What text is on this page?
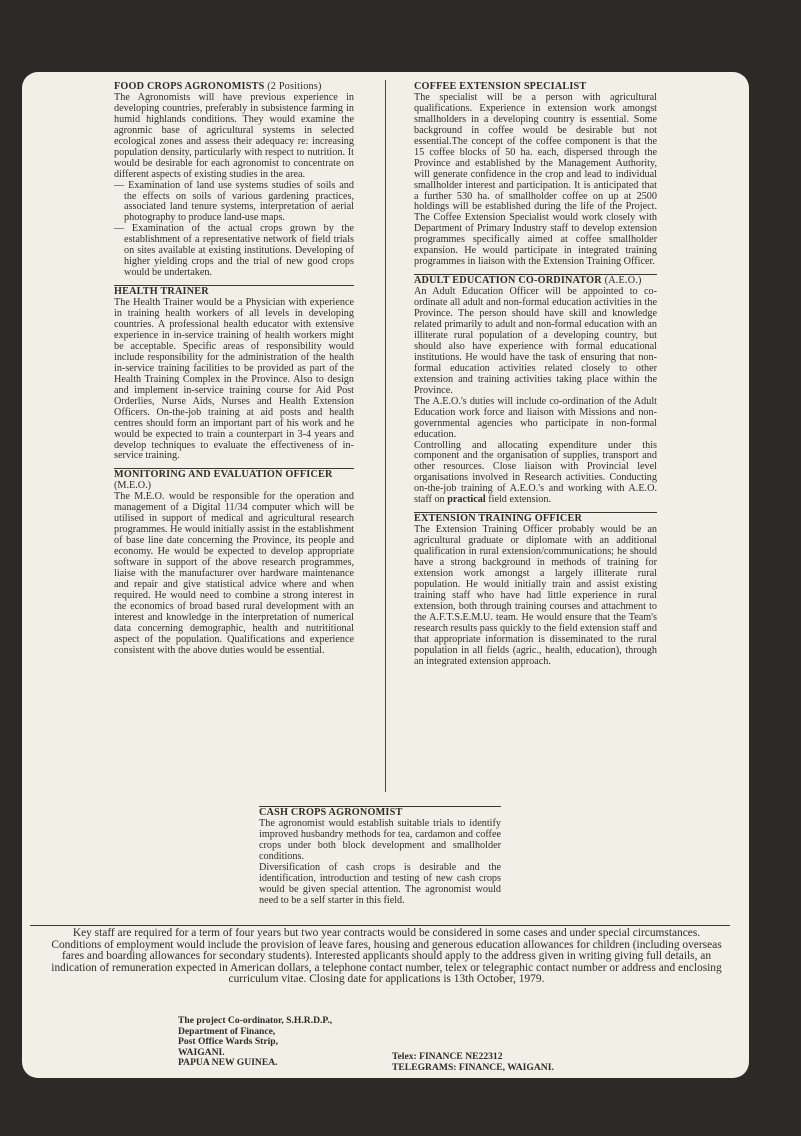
FOOD CROPS AGRONOMISTS (2 Positions)

The Agronomists will have previous experience in developing countries, preferably in subsistence farming in humid highlands conditions. They would examine the agronmic base of agricultural systems in selected ecological zones and assess their adequacy re: increasing population density, particularly with respect to nutrition. It would be desirable for each agronomist to concentrate on different aspects of existing studies in the area.

— Examination of land use systems studies of soils and the effects on soils of various gardening practices, associated land tenure systems, interpretation of aerial photography to produce land-use maps.

— Examination of the actual crops grown by the establishment of a representative network of field trials on sites available at existing institutions. Developing of higher yielding crops and the trial of new good crops would be undertaken.

HEALTH TRAINER

The Health Trainer would be a Physician with experience in training health workers of all levels in developing countries. A professional health educator with extensive experience in in-service training of health workers might be acceptable. Specific areas of responsibility would include responsibility for the administration of the health in-service training facilities to be provided as part of the Health Training Complex in the Province. Also to design and implement in-service training course for Aid Post Orderlies, Nurse Aids, Nurses and Health Extension Officers. On-the-job training at aid posts and health centres should form an important part of his work and he would be expected to train a counterpart in 3-4 years and develop techniques to evaluate the effectiveness of in-service training.

MONITORING AND EVALUATION OFFICER

(M.E.O.)

The M.E.O. would be responsible for the operation and management of a Digital 11/34 computer which will be utilised in support of medical and agricultural research programmes. He would initially assist in the establishment of base line date concerning the Province, its people and economy. He would be expected to develop appropriate software in support of the above research programmes, liaise with the manufacturer over hardware maintenance and repair and give statistical advice where and when required. He would need to combine a strong interest in the economics of broad based rural development with an interest and knowledge in the interpretation of numerical data concerning demographic, health and nutrititional aspect of the population. Qualifications and experience consistent with the above duties would be essential.

COFFEE EXTENSION SPECIALIST

The specialist will be a person with agricultural qualifications. Experience in extension work amongst smallholders in a developing country is essential. Some background in coffee would be desirable but not essential.The concept of the coffee component is that the 15 coffee blocks of 50 ha. each, dispersed through the Province and established by the Management Authority, will generate confidence in the crop and lead to individual smallholder interest and participation. It is anticipated that a further 530 ha. of smallholder coffee on up at 2500 holdings will be established during the life of the Project. The Coffee Extension Specialist would work closely with Department of Primary Industry staff to develop extension programmes specifically aimed at coffee smallholder expansion. He would participate in integrated training programmes in liaison with the Extension Training Officer.

ADULT EDUCATION CO-ORDINATOR (A.E.O.)

An Adult Education Officer will be appointed to co-ordinate all adult and non-formal education activities in the Province. The person should have skill and knowledge related primarily to adult and non-formal education with an illiterate rural population of a developing country, but should also have experience with formal educational institutions. He would have the task of ensuring that non-formal education activities related closely to other extension and training activities taking place within the Province.

The A.E.O.'s duties will include co-ordination of the Adult Education work force and liaison with Missions and non-governmental agencies who participate in non-formal education.

Controlling and allocating expenditure under this component and the organisation of supplies, transport and other resources. Close liaison with Provincial level organisations involved in Research activities. Conducting on-the-job training of A.E.O.'s and working with A.E.O. staff on practical field extension.

EXTENSION TRAINING OFFICER

The Extension Training Officer probably would be an agricultural graduate or diplomate with an additional qualification in rural extension/communications; he should have a strong background in methods of training for extension work amongst a largely illiterate rural population. He would initially train and assist existing training staff who have had little experience in rural extension, both through training courses and attachment to the A.F.T.S.E.M.U. team. He would ensure that the Team's research results pass quickly to the field extension staff and that appropriate information is disseminated to the rural population in all fields (agric., health, education), through an integrated extension approach.

CASH CROPS AGRONOMIST

The agronomist would establish suitable trials to identify improved husbandry methods for tea, cardamon and coffee crops under both block development and smallholder conditions.

Diversification of cash crops is desirable and the identification, introduction and testing of new cash crops would be given special attention. The agronomist would need to be a self starter in this field.

Key staff are required for a term of four years but two year contracts would be considered in some cases and under special circumstances.

Conditions of employment would include the provision of leave fares, housing and generous education allowances for children (including overseas fares and boarding allowances for secondary students). Interested applicants should apply to the address given in writing giving full details, an indication of remuneration expected in American dollars, a telephone contact number, telex or telegraphic contact number or address and enclosing curriculum vitae. Closing date for applications is 13th October, 1979.

The project Co-ordinator, S.H.R.D.P.,
Department of Finance,
Post Office Wards Strip,
WAIGANI.
PAPUA NEW GUINEA.
Telex: FINANCE NE22312
TELEGRAMS: FINANCE, WAIGANI.
